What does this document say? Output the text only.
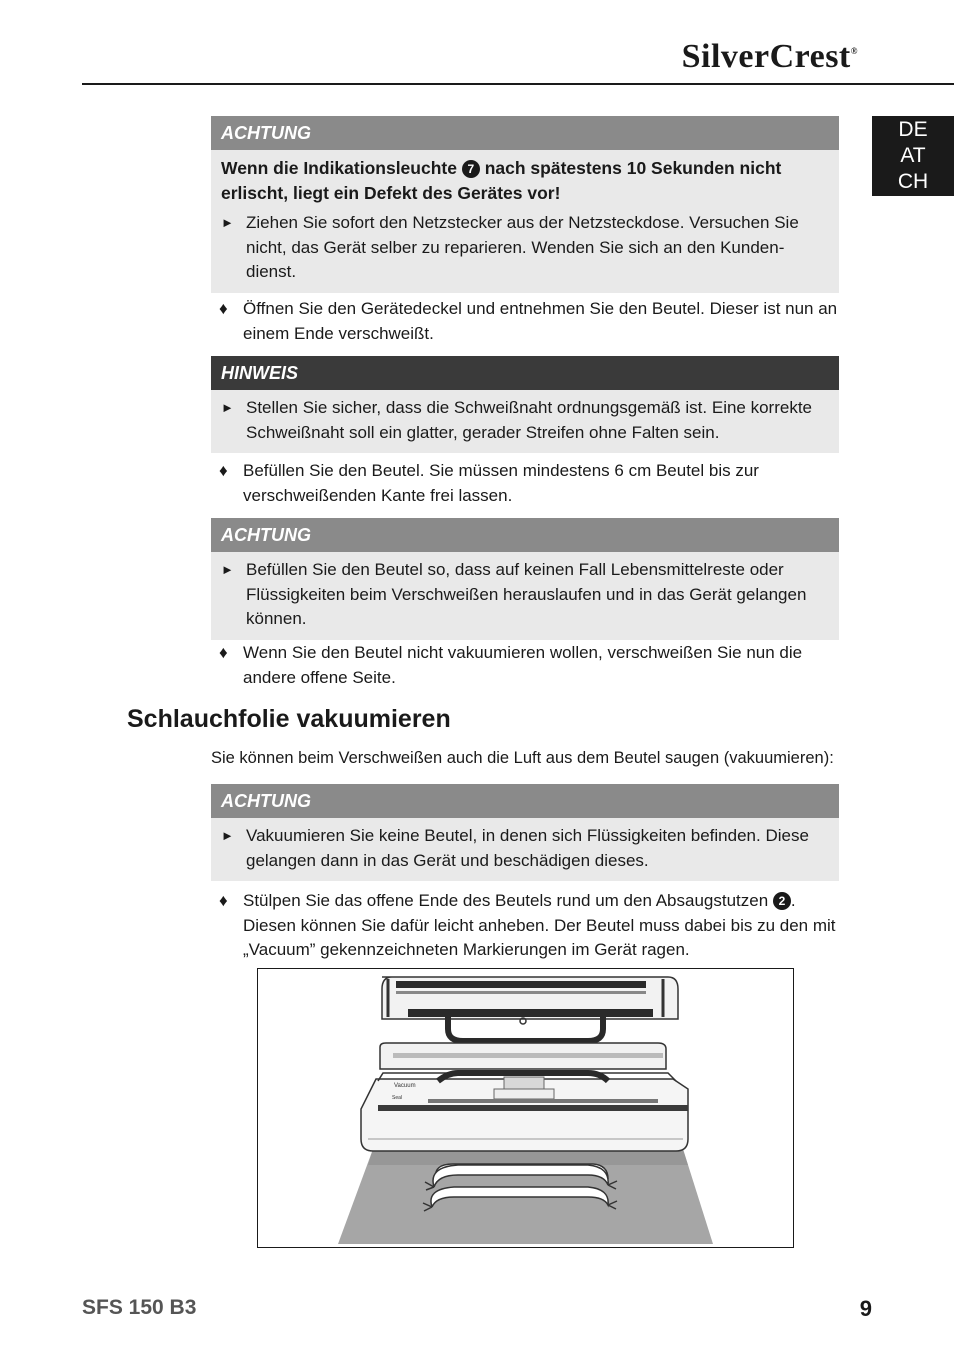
SilverCrest®
DE
AT
CH
ACHTUNG
Wenn die Indikationsleuchte 7 nach spätestens 10 Sekunden nicht erlischt, liegt ein Defekt des Gerätes vor!
► Ziehen Sie sofort den Netzstecker aus der Netzsteckdose. Versuchen Sie nicht, das Gerät selber zu reparieren. Wenden Sie sich an den Kundendienst.
♦ Öffnen Sie den Gerätedeckel und entnehmen Sie den Beutel. Dieser ist nun an einem Ende verschweißt.
HINWEIS
► Stellen Sie sicher, dass die Schweißnaht ordnungsgemäß ist. Eine korrekte Schweißnaht soll ein glatter, gerader Streifen ohne Falten sein.
♦ Befüllen Sie den Beutel. Sie müssen mindestens 6 cm Beutel bis zur verschweißenden Kante frei lassen.
ACHTUNG
► Befüllen Sie den Beutel so, dass auf keinen Fall Lebensmittelreste oder Flüssigkeiten beim Verschweißen herauslaufen und in das Gerät gelangen können.
♦ Wenn Sie den Beutel nicht vakuumieren wollen, verschweißen Sie nun die andere offene Seite.
Schlauchfolie vakuumieren
Sie können beim Verschweißen auch die Luft aus dem Beutel saugen (vakuumieren):
ACHTUNG
► Vakuumieren Sie keine Beutel, in denen sich Flüssigkeiten befinden. Diese gelangen dann in das Gerät und beschädigen dieses.
♦ Stülpen Sie das offene Ende des Beutels rund um den Absaugstutzen 2 . Diesen können Sie dafür leicht anheben. Der Beutel muss dabei bis zu den mit „Vacuum” gekennzeichneten Markierungen im Gerät ragen.
Vacuum
Seal
SFS 150 B3	9
